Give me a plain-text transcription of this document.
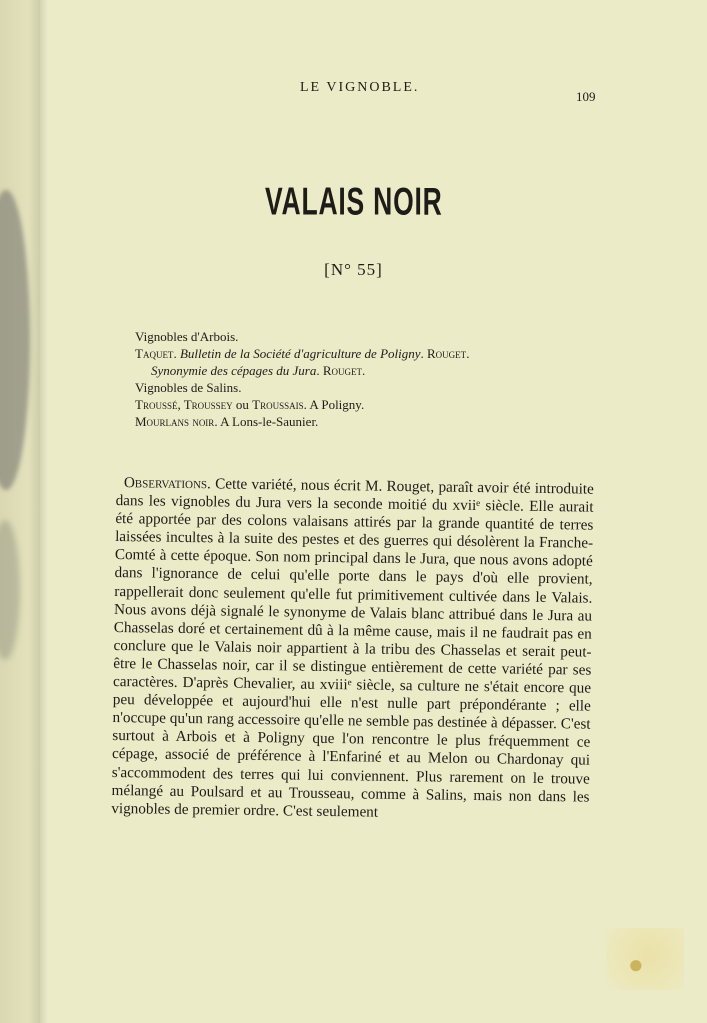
LE VIGNOBLE.

109

VALAIS NOIR

[N° 55]

Vignobles d'Arbois.
Taquet. Bulletin de la Société d'agriculture de Poligny. Rouget.
Synonymie des cépages du Jura. Rouget.
Vignobles de Salins.
Troussé, Troussey ou Troussais. A Poligny.
Mourlans noir. A Lons-le-Saunier.

Observations. Cette variété, nous écrit M. Rouget, paraît avoir été introduite dans les vignobles du Jura vers la seconde moitié du xviiᵉ siècle. Elle aurait été apportée par des colons valaisans attirés par la grande quantité de terres laissées incultes à la suite des pestes et des guerres qui désolèrent la Franche-Comté à cette époque. Son nom principal dans le Jura, que nous avons adopté dans l'ignorance de celui qu'elle porte dans le pays d'où elle provient, rappellerait donc seulement qu'elle fut primitivement cultivée dans le Valais. Nous avons déjà signalé le synonyme de Valais blanc attribué dans le Jura au Chasselas doré et certainement dû à la même cause, mais il ne faudrait pas en conclure que le Valais noir appartient à la tribu des Chasselas et serait peut-être le Chasselas noir, car il se distingue entièrement de cette variété par ses caractères. D'après Chevalier, au xviiiᵉ siècle, sa culture ne s'était encore que peu développée et aujourd'hui elle n'est nulle part prépondérante ; elle n'occupe qu'un rang accessoire qu'elle ne semble pas destinée à dépasser. C'est surtout à Arbois et à Poligny que l'on rencontre le plus fréquemment ce cépage, associé de préférence à l'Enfariné et au Melon ou Chardonay qui s'accommodent des terres qui lui conviennent. Plus rarement on le trouve mélangé au Poulsard et au Trousseau, comme à Salins, mais non dans les vignobles de premier ordre. C'est seulement

●
